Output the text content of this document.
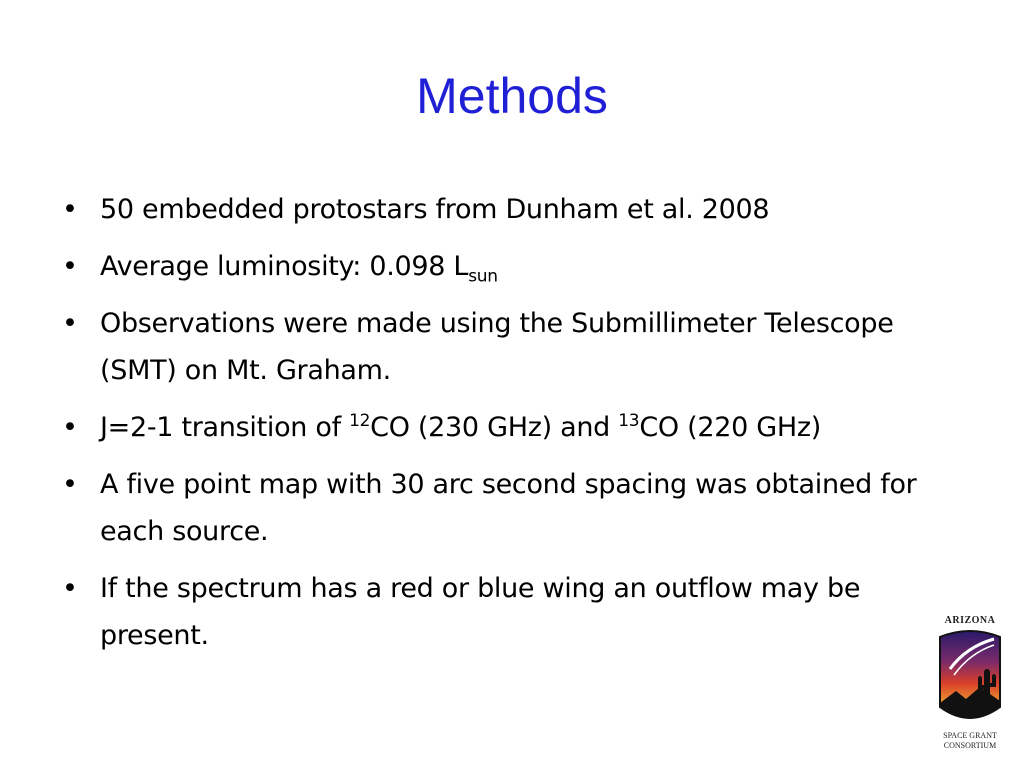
Methods
• 50 embedded protostars from Dunham et al. 2008
• Average luminosity: 0.098 $L_{sun}$
• Observations were made using the Submillimeter Telescope (SMT) on Mt. Graham.
• J=2-1 transition of $^{12}$CO (230 GHz) and $^{13}$CO (220 GHz)
• A five point map with 30 arc second spacing was obtained for each source.
• If the spectrum has a red or blue wing an outflow may be present.	ARIZONA
SPACE GRANT
CONSORTIUM
